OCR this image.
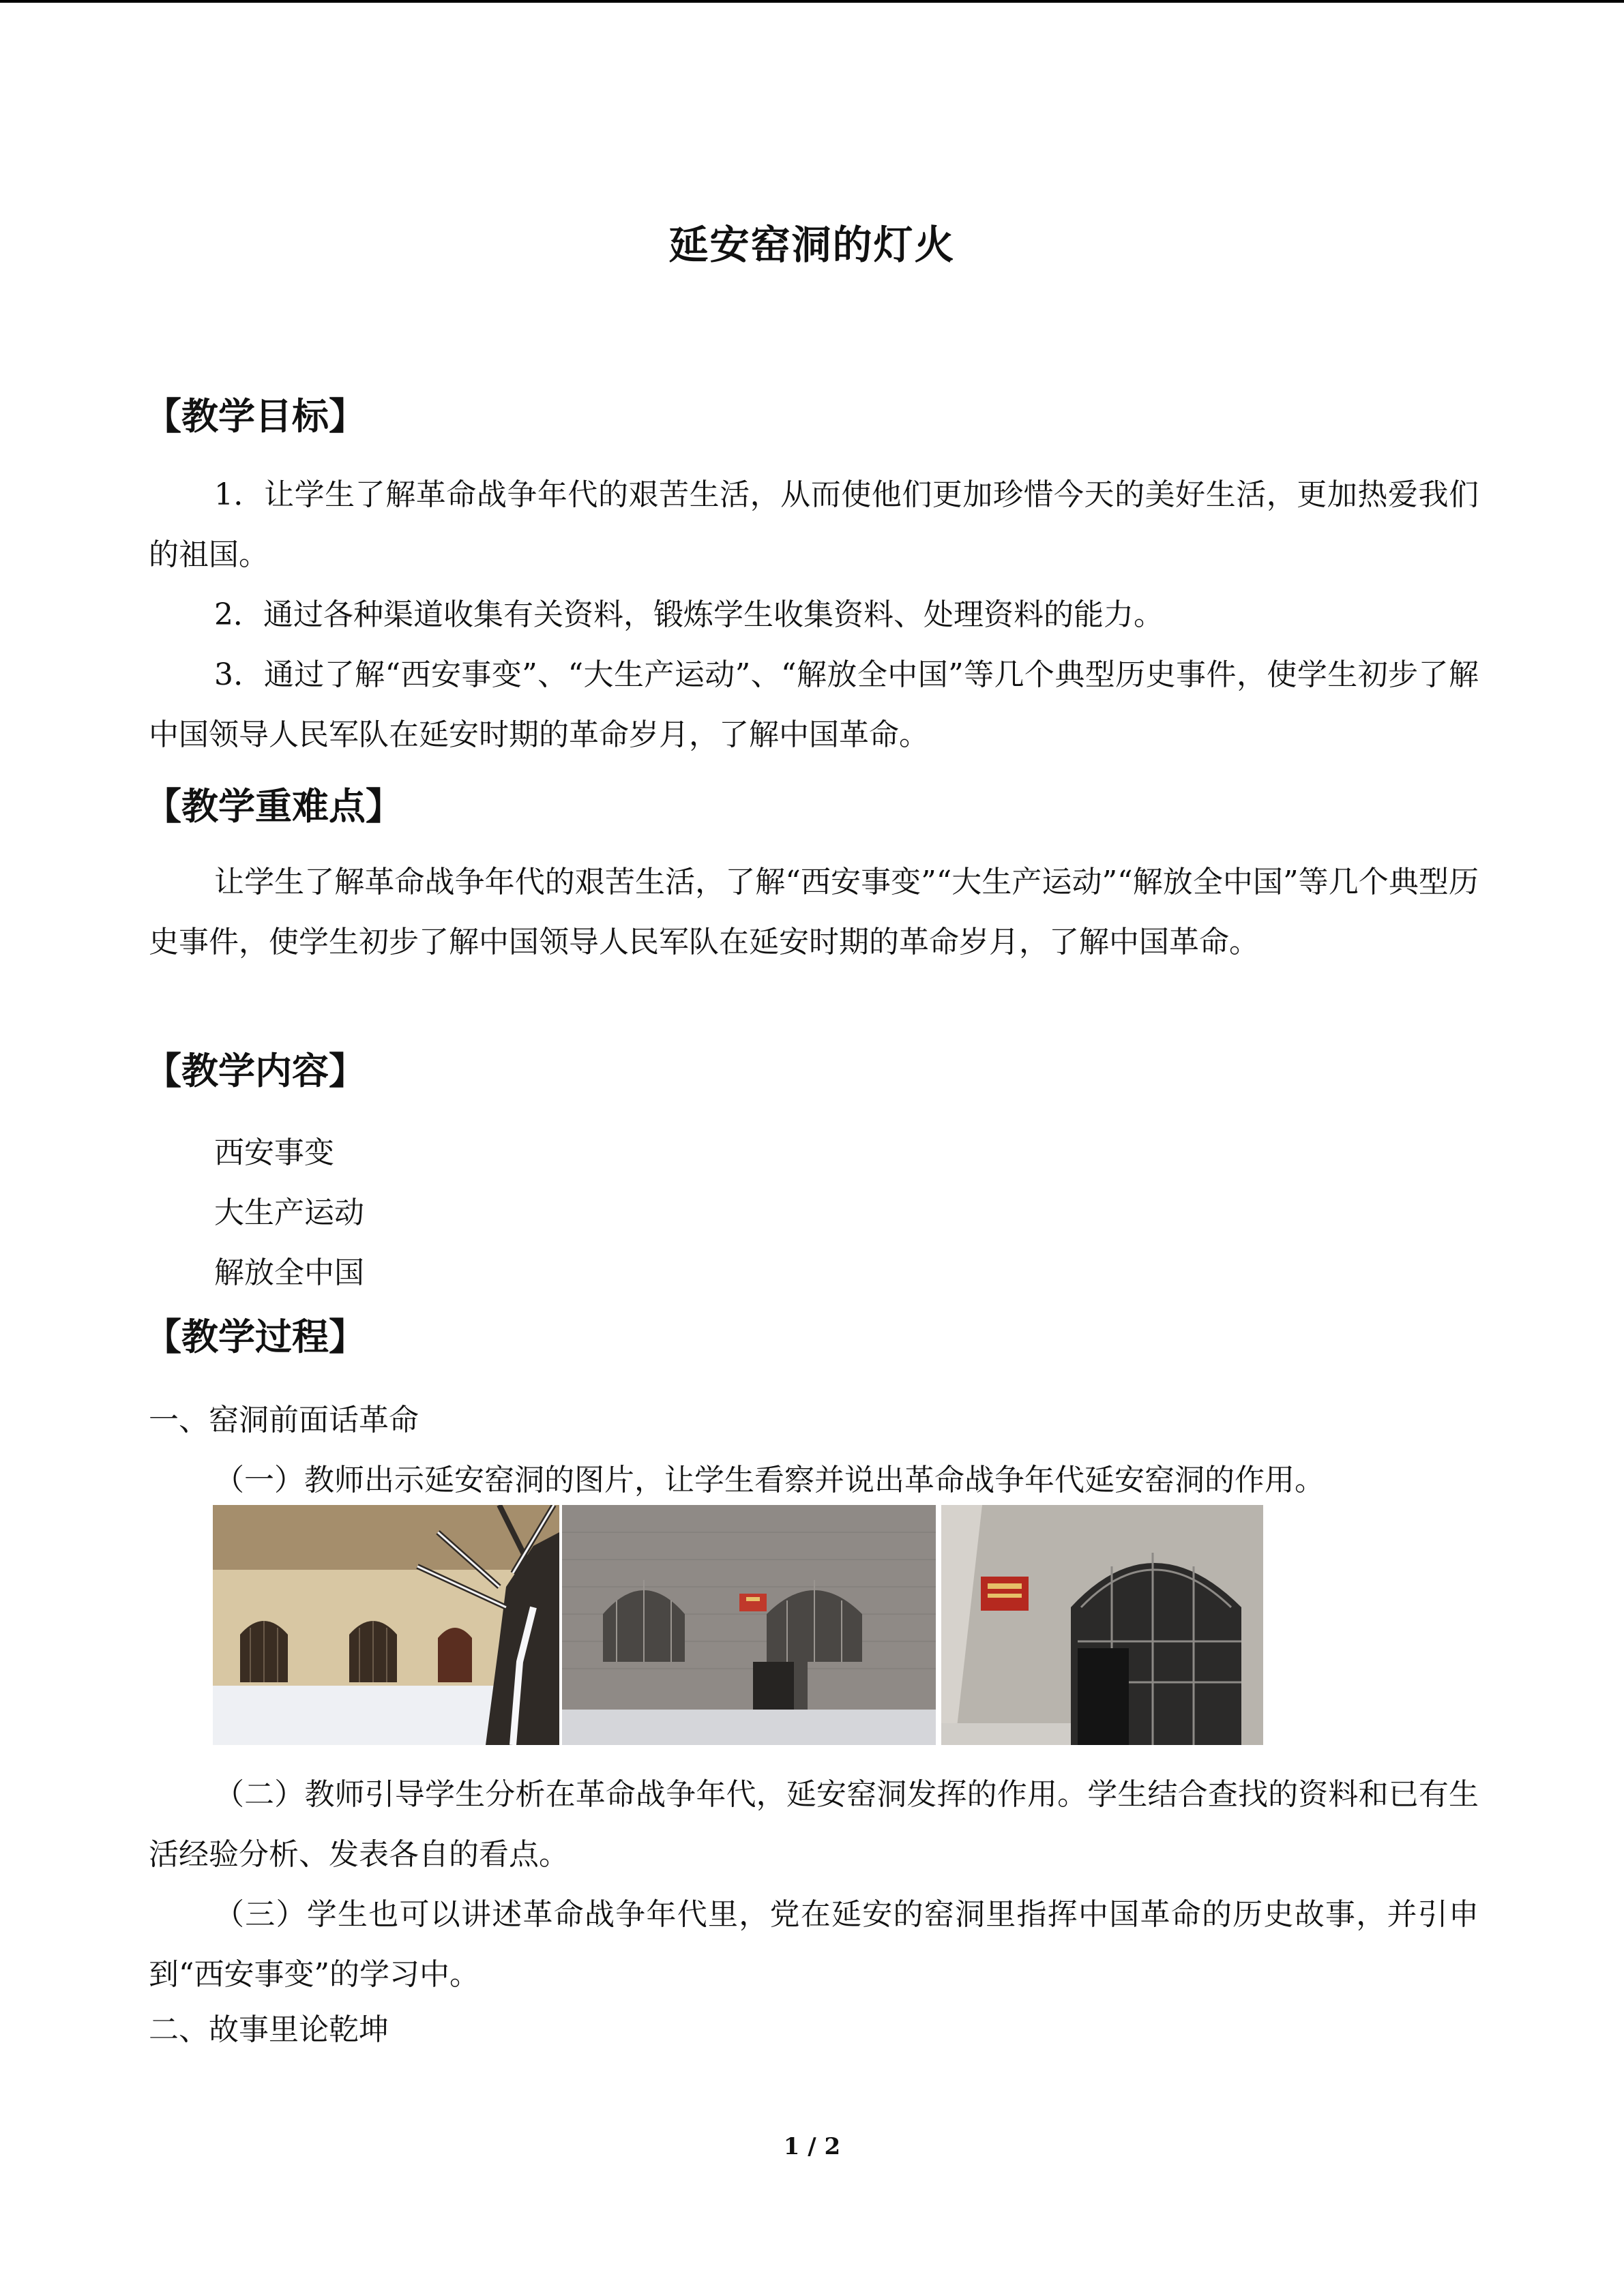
延安窑洞的灯火
【教学目标】
1．让学生了解革命战争年代的艰苦生活，从而使他们更加珍惜今天的美好生活，更加热爱我们的祖国。
2．通过各种渠道收集有关资料，锻炼学生收集资料、处理资料的能力。
3．通过了解“西安事变”、“大生产运动”、“解放全中国”等几个典型历史事件，使学生初步了解中国领导人民军队在延安时期的革命岁月，了解中国革命。
【教学重难点】
让学生了解革命战争年代的艰苦生活，了解“西安事变”“大生产运动”“解放全中国”等几个典型历史事件，使学生初步了解中国领导人民军队在延安时期的革命岁月，了解中国革命。
【教学内容】
西安事变
大生产运动
解放全中国
【教学过程】
一、窑洞前面话革命
（一）教师出示延安窑洞的图片，让学生看察并说出革命战争年代延安窑洞的作用。
（二）教师引导学生分析在革命战争年代，延安窑洞发挥的作用。学生结合查找的资料和已有生活经验分析、发表各自的看点。
（三）学生也可以讲述革命战争年代里，党在延安的窑洞里指挥中国革命的历史故事，并引申到“西安事变”的学习中。
二、故事里论乾坤
1 / 2
